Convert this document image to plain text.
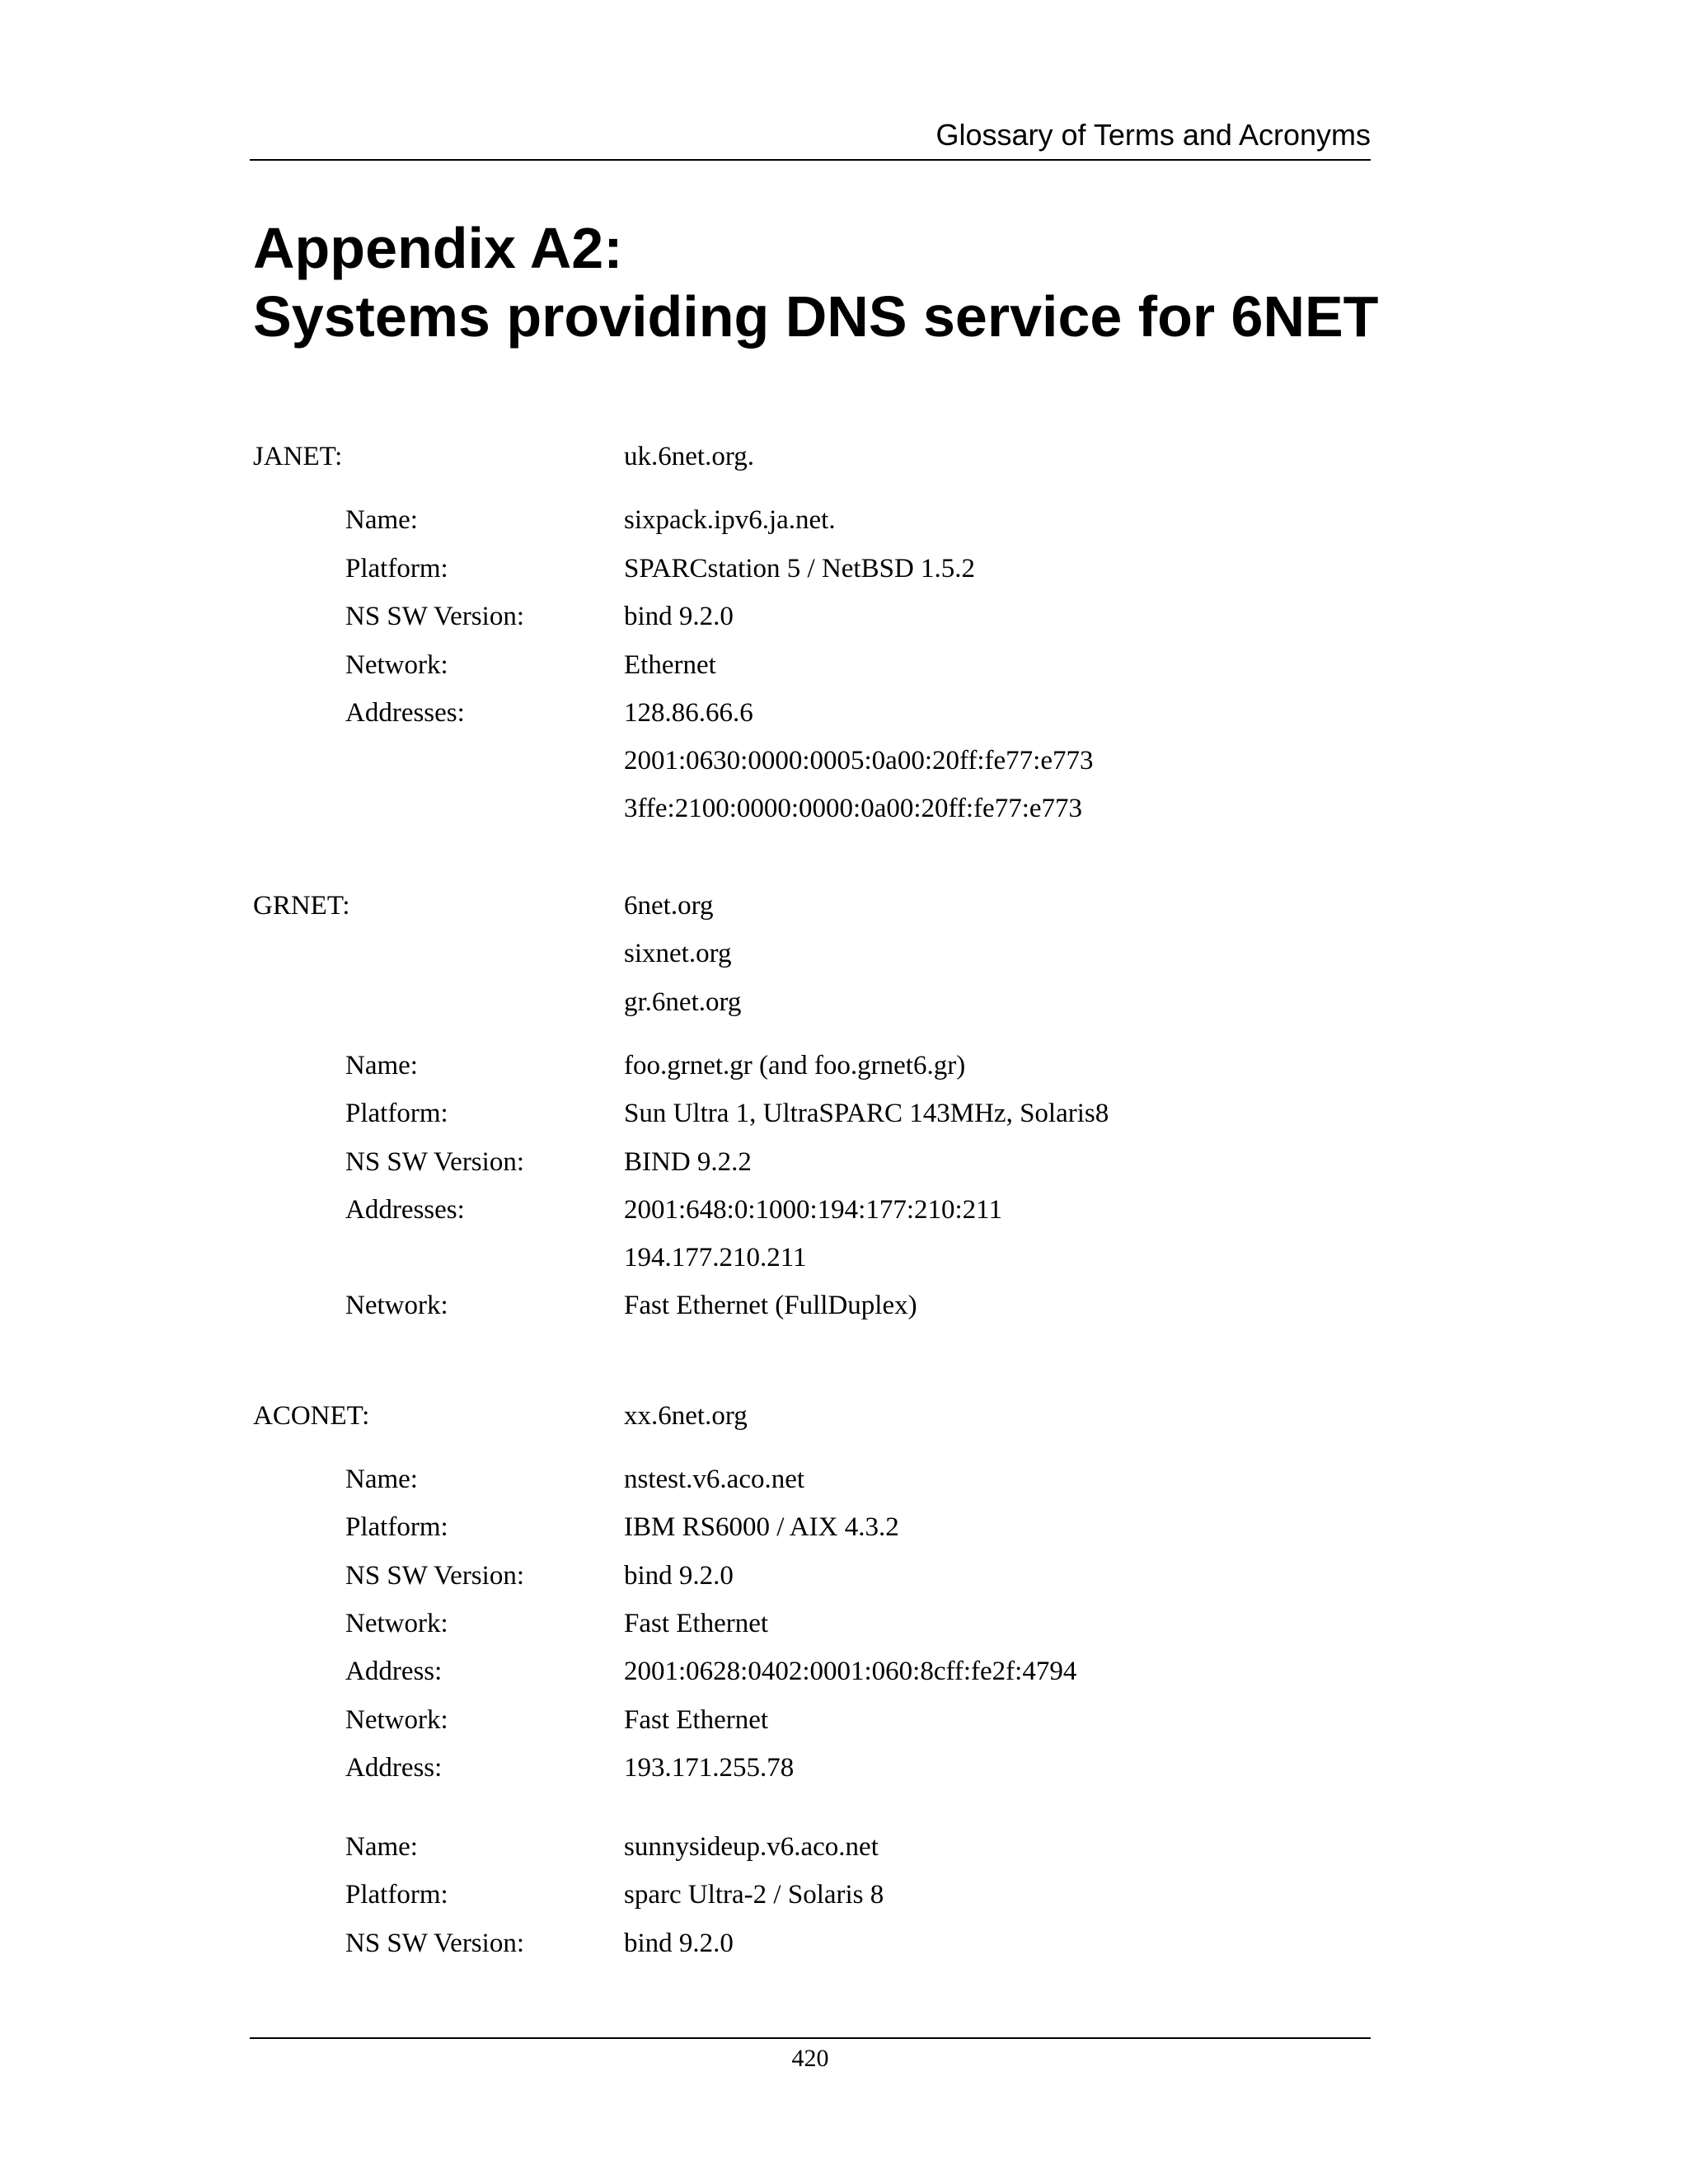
Glossary of Terms and Acronyms
Appendix A2:
Systems providing DNS service for 6NET
JANET:	uk.6net.org.
Name:	sixpack.ipv6.ja.net.
Platform:	SPARCstation 5 / NetBSD 1.5.2
NS SW Version:	bind 9.2.0
Network:	Ethernet
Addresses:	128.86.66.6
2001:0630:0000:0005:0a00:20ff:fe77:e773
3ffe:2100:0000:0000:0a00:20ff:fe77:e773
GRNET:	6net.org
sixnet.org
gr.6net.org
Name:	foo.grnet.gr (and foo.grnet6.gr)
Platform:	Sun Ultra 1, UltraSPARC 143MHz, Solaris8
NS SW Version:	BIND 9.2.2
Addresses:	2001:648:0:1000:194:177:210:211
194.177.210.211
Network:	Fast Ethernet (FullDuplex)
ACONET:	xx.6net.org
Name:	nstest.v6.aco.net
Platform:	IBM RS6000 / AIX 4.3.2
NS SW Version:	bind 9.2.0
Network:	Fast Ethernet
Address:	2001:0628:0402:0001:060:8cff:fe2f:4794
Network:	Fast Ethernet
Address:	193.171.255.78
Name:	sunnysideup.v6.aco.net
Platform:	sparc Ultra-2 / Solaris 8
NS SW Version:	bind 9.2.0
420
